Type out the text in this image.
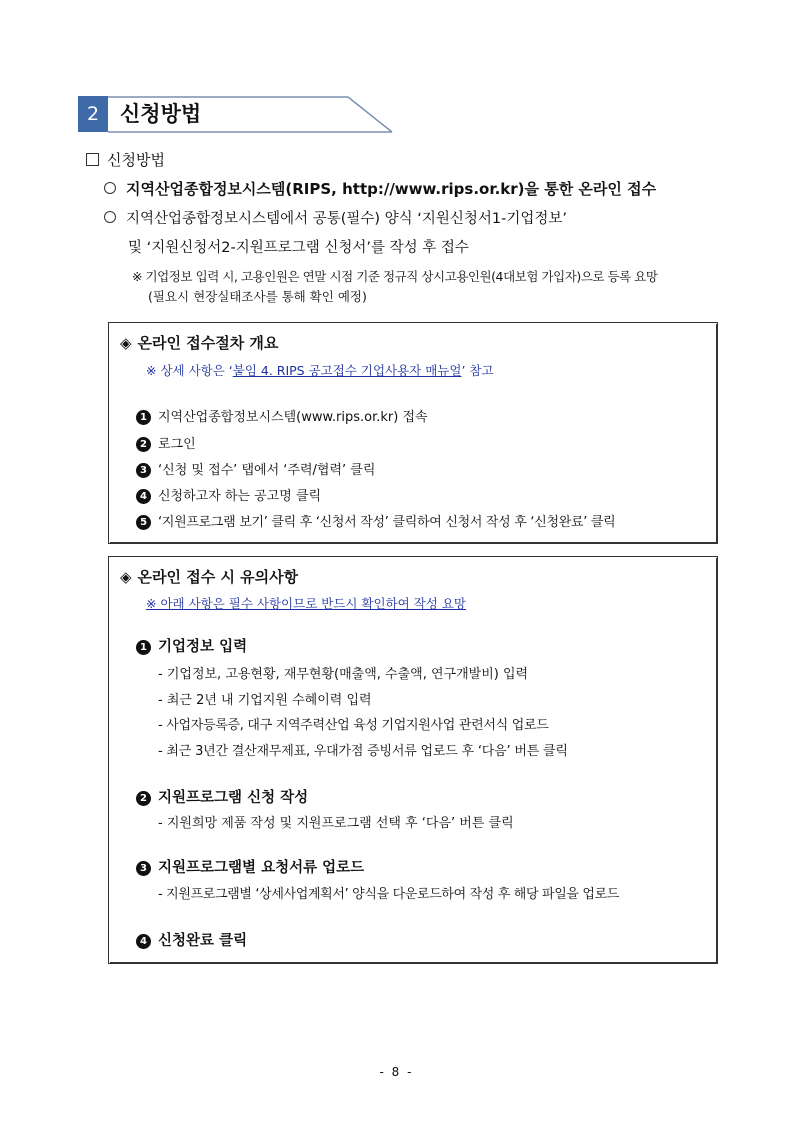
2 신청방법
신청방법
지역산업종합정보시스템(RIPS, http://www.rips.or.kr)을 통한 온라인 접수
지역산업종합정보시스템에서 공통(필수) 양식 ‘지원신청서1-기업정보’
및 ‘지원신청서2-지원프로그램 신청서’를 작성 후 접수
※ 기업정보 입력 시, 고용인원은 연말 시점 기준 정규직 상시고용인원(4대보험 가입자)으로 등록 요망
(필요시 현장실태조사를 통해 확인 예정)
◈ 온라인 접수절차 개요
※ 상세 사항은 ‘붙임 4. RIPS 공고접수 기업사용자 매뉴얼’ 참고
1 지역산업종합정보시스템(www.rips.or.kr) 접속
2 로그인
3 ‘신청 및 접수’ 탭에서 ‘주력/협력’ 클릭
4 신청하고자 하는 공고명 클릭
5 ‘지원프로그램 보기’ 클릭 후 ‘신청서 작성’ 클릭하여 신청서 작성 후 ‘신청완료’ 클릭
◈ 온라인 접수 시 유의사항
※ 아래 사항은 필수 사항이므로 반드시 확인하여 작성 요망
1 기업정보 입력
- 기업정보, 고용현황, 재무현황(매출액, 수출액, 연구개발비) 입력
- 최근 2년 내 기업지원 수혜이력 입력
- 사업자등록증, 대구 지역주력산업 육성 기업지원사업 관련서식 업로드
- 최근 3년간 결산재무제표, 우대가점 증빙서류 업로드 후 ‘다음’ 버튼 클릭
2 지원프로그램 신청 작성
- 지원희망 제품 작성 및 지원프로그램 선택 후 ‘다음’ 버튼 클릭
3 지원프로그램별 요청서류 업로드
- 지원프로그램별 ‘상세사업계획서’ 양식을 다운로드하여 작성 후 해당 파일을 업로드
4 신청완료 클릭
- 8 -
